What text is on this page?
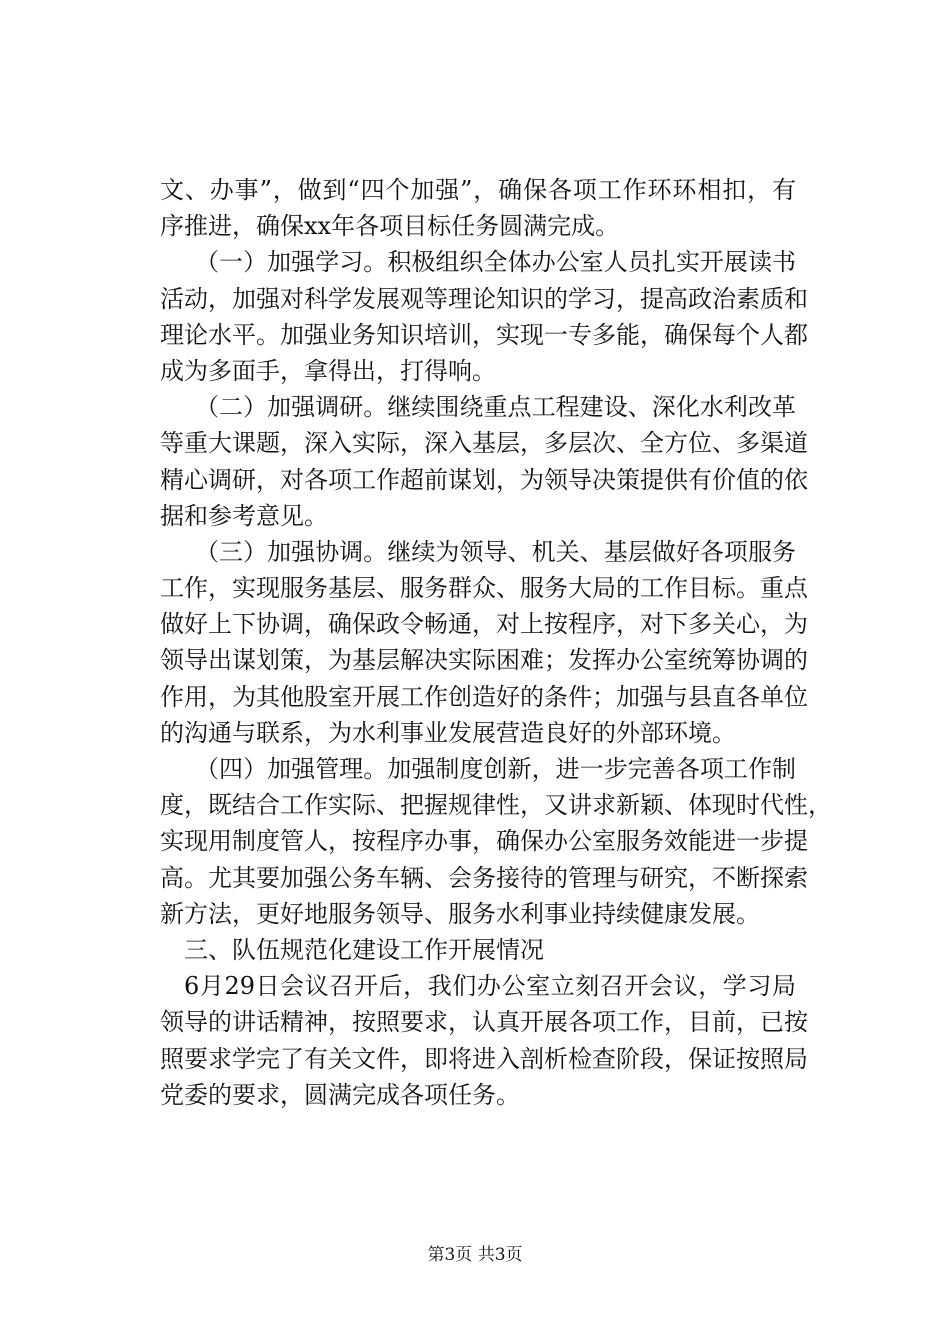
文、办事”，做到“四个加强”，确保各项工作环环相扣，有
序推进，确保xx年各项目标任务圆满完成。
（一）加强学习。积极组织全体办公室人员扎实开展读书
活动，加强对科学发展观等理论知识的学习，提高政治素质和
理论水平。加强业务知识培训，实现一专多能，确保每个人都
成为多面手，拿得出，打得响。
（二）加强调研。继续围绕重点工程建设、深化水利改革
等重大课题，深入实际，深入基层，多层次、全方位、多渠道
精心调研，对各项工作超前谋划，为领导决策提供有价值的依
据和参考意见。
（三）加强协调。继续为领导、机关、基层做好各项服务
工作，实现服务基层、服务群众、服务大局的工作目标。重点
做好上下协调，确保政令畅通，对上按程序，对下多关心，为
领导出谋划策，为基层解决实际困难；发挥办公室统筹协调的
作用，为其他股室开展工作创造好的条件；加强与县直各单位
的沟通与联系，为水利事业发展营造良好的外部环境。
（四）加强管理。加强制度创新，进一步完善各项工作制
度，既结合工作实际、把握规律性，又讲求新颖、体现时代性，
实现用制度管人，按程序办事，确保办公室服务效能进一步提
高。尤其要加强公务车辆、会务接待的管理与研究，不断探索
新方法，更好地服务领导、服务水利事业持续健康发展。
三、队伍规范化建设工作开展情况
6月29日会议召开后，我们办公室立刻召开会议，学习局
领导的讲话精神，按照要求，认真开展各项工作，目前，已按
照要求学完了有关文件，即将进入剖析检查阶段，保证按照局
党委的要求，圆满完成各项任务。
第3页 共3页
